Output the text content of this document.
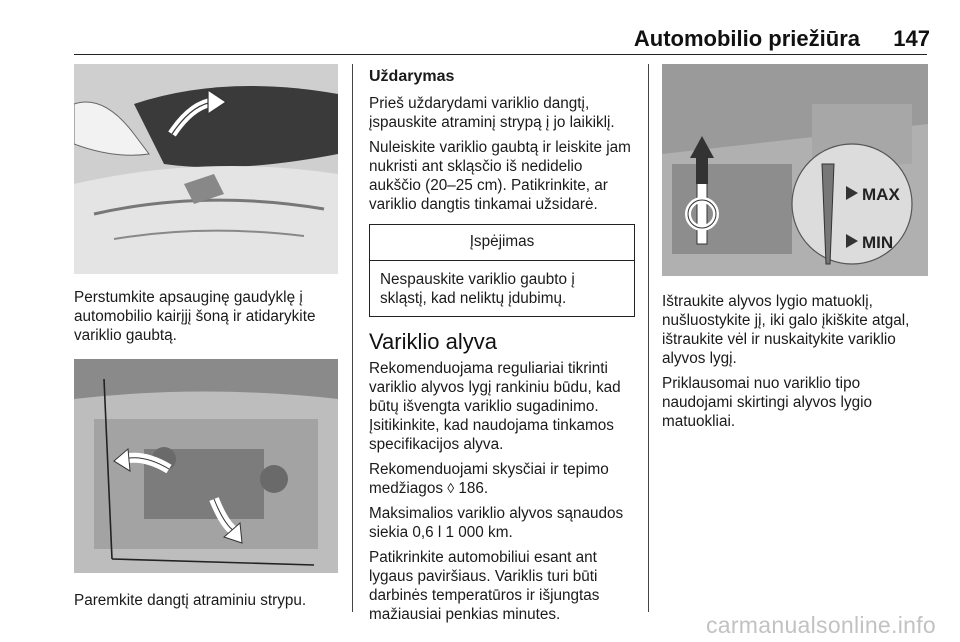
Automobilio priežiūra	147

Perstumkite apsauginę gaudyklę į automobilio kairįjį šoną ir atidarykite variklio gaubtą.

Paremkite dangtį atraminiu strypu.

Uždarymas

Prieš uždarydami variklio dangtį, įspauskite atraminį strypą į jo laikiklį.

Nuleiskite variklio gaubtą ir leiskite jam nukristi ant skląsčio iš nedidelio aukščio (20–25 cm). Patikrinkite, ar variklio dangtis tinkamai užsidarė.

Įspėjimas
Nespauskite variklio gaubto į skląstį, kad neliktų įdubimų.
Variklio alyva

Rekomenduojama reguliariai tikrinti variklio alyvos lygį rankiniu būdu, kad būtų išvengta variklio sugadinimo. Įsitikinkite, kad naudojama tinkamos specifikacijos alyva.

Rekomenduojami skysčiai ir tepimo medžiagos ◊ 186.

Maksimalios variklio alyvos sąnaudos siekia 0,6 l 1 000 km.

Patikrinkite automobiliui esant ant lygaus paviršiaus. Variklis turi būti darbinės temperatūros ir išjungtas mažiausiai penkias minutes.

MAX
MIN

Ištraukite alyvos lygio matuoklį, nušluostykite jį, iki galo įkiškite atgal, ištraukite vėl ir nuskaitykite variklio alyvos lygį.

Priklausomai nuo variklio tipo naudojami skirtingi alyvos lygio matuokliai.

carmanualsonline.info
